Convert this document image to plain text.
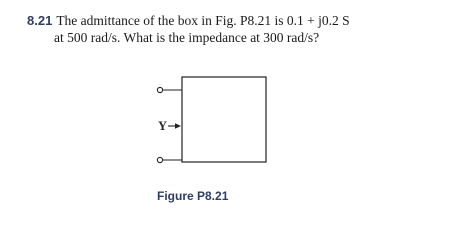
8.21 The admittance of the box in Fig. P8.21 is 0.1 + j0.2 S
at 500 rad/s. What is the impedance at 300 rad/s?
Y
Figure P8.21
